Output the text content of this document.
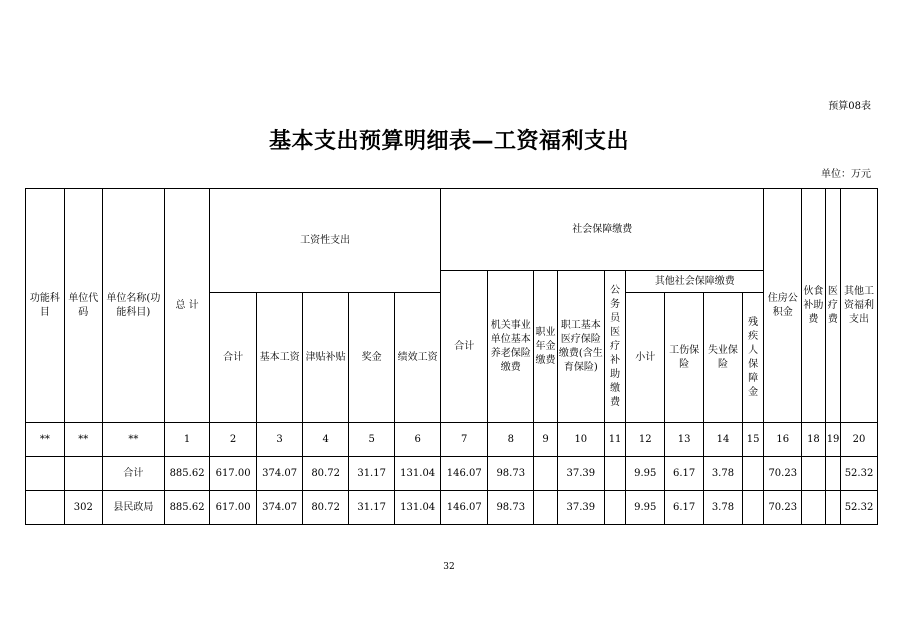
预算08表
基本支出预算明细表—工资福利支出
单位：万元
功能科目	单位代码	单位名称(功能科目)	总 计	工资性支出					社会保障缴费									住房公积金	伙食补助费	医疗费	其他工资福利支出
									合计	机关事业单位基本养老保险缴费	职业年金缴费	职工基本医疗保险缴费(含生育保险)	公务员医疗补助缴费	其他社会保障缴费							
				合计	基本工资	津贴补贴	奖金	绩效工资						小计	工伤保险	失业保险	残疾人保障金				
**	**	**	1	2	3	4	5	6	7	8	9	10	11	12	13	14	15	16	18	19	20
		合计	885.62	617.00	374.07	80.72	31.17	131.04	146.07	98.73		37.39		9.95	6.17	3.78		70.23			52.32
	302	县民政局	885.62	617.00	374.07	80.72	31.17	131.04	146.07	98.73		37.39		9.95	6.17	3.78		70.23			52.32
32
